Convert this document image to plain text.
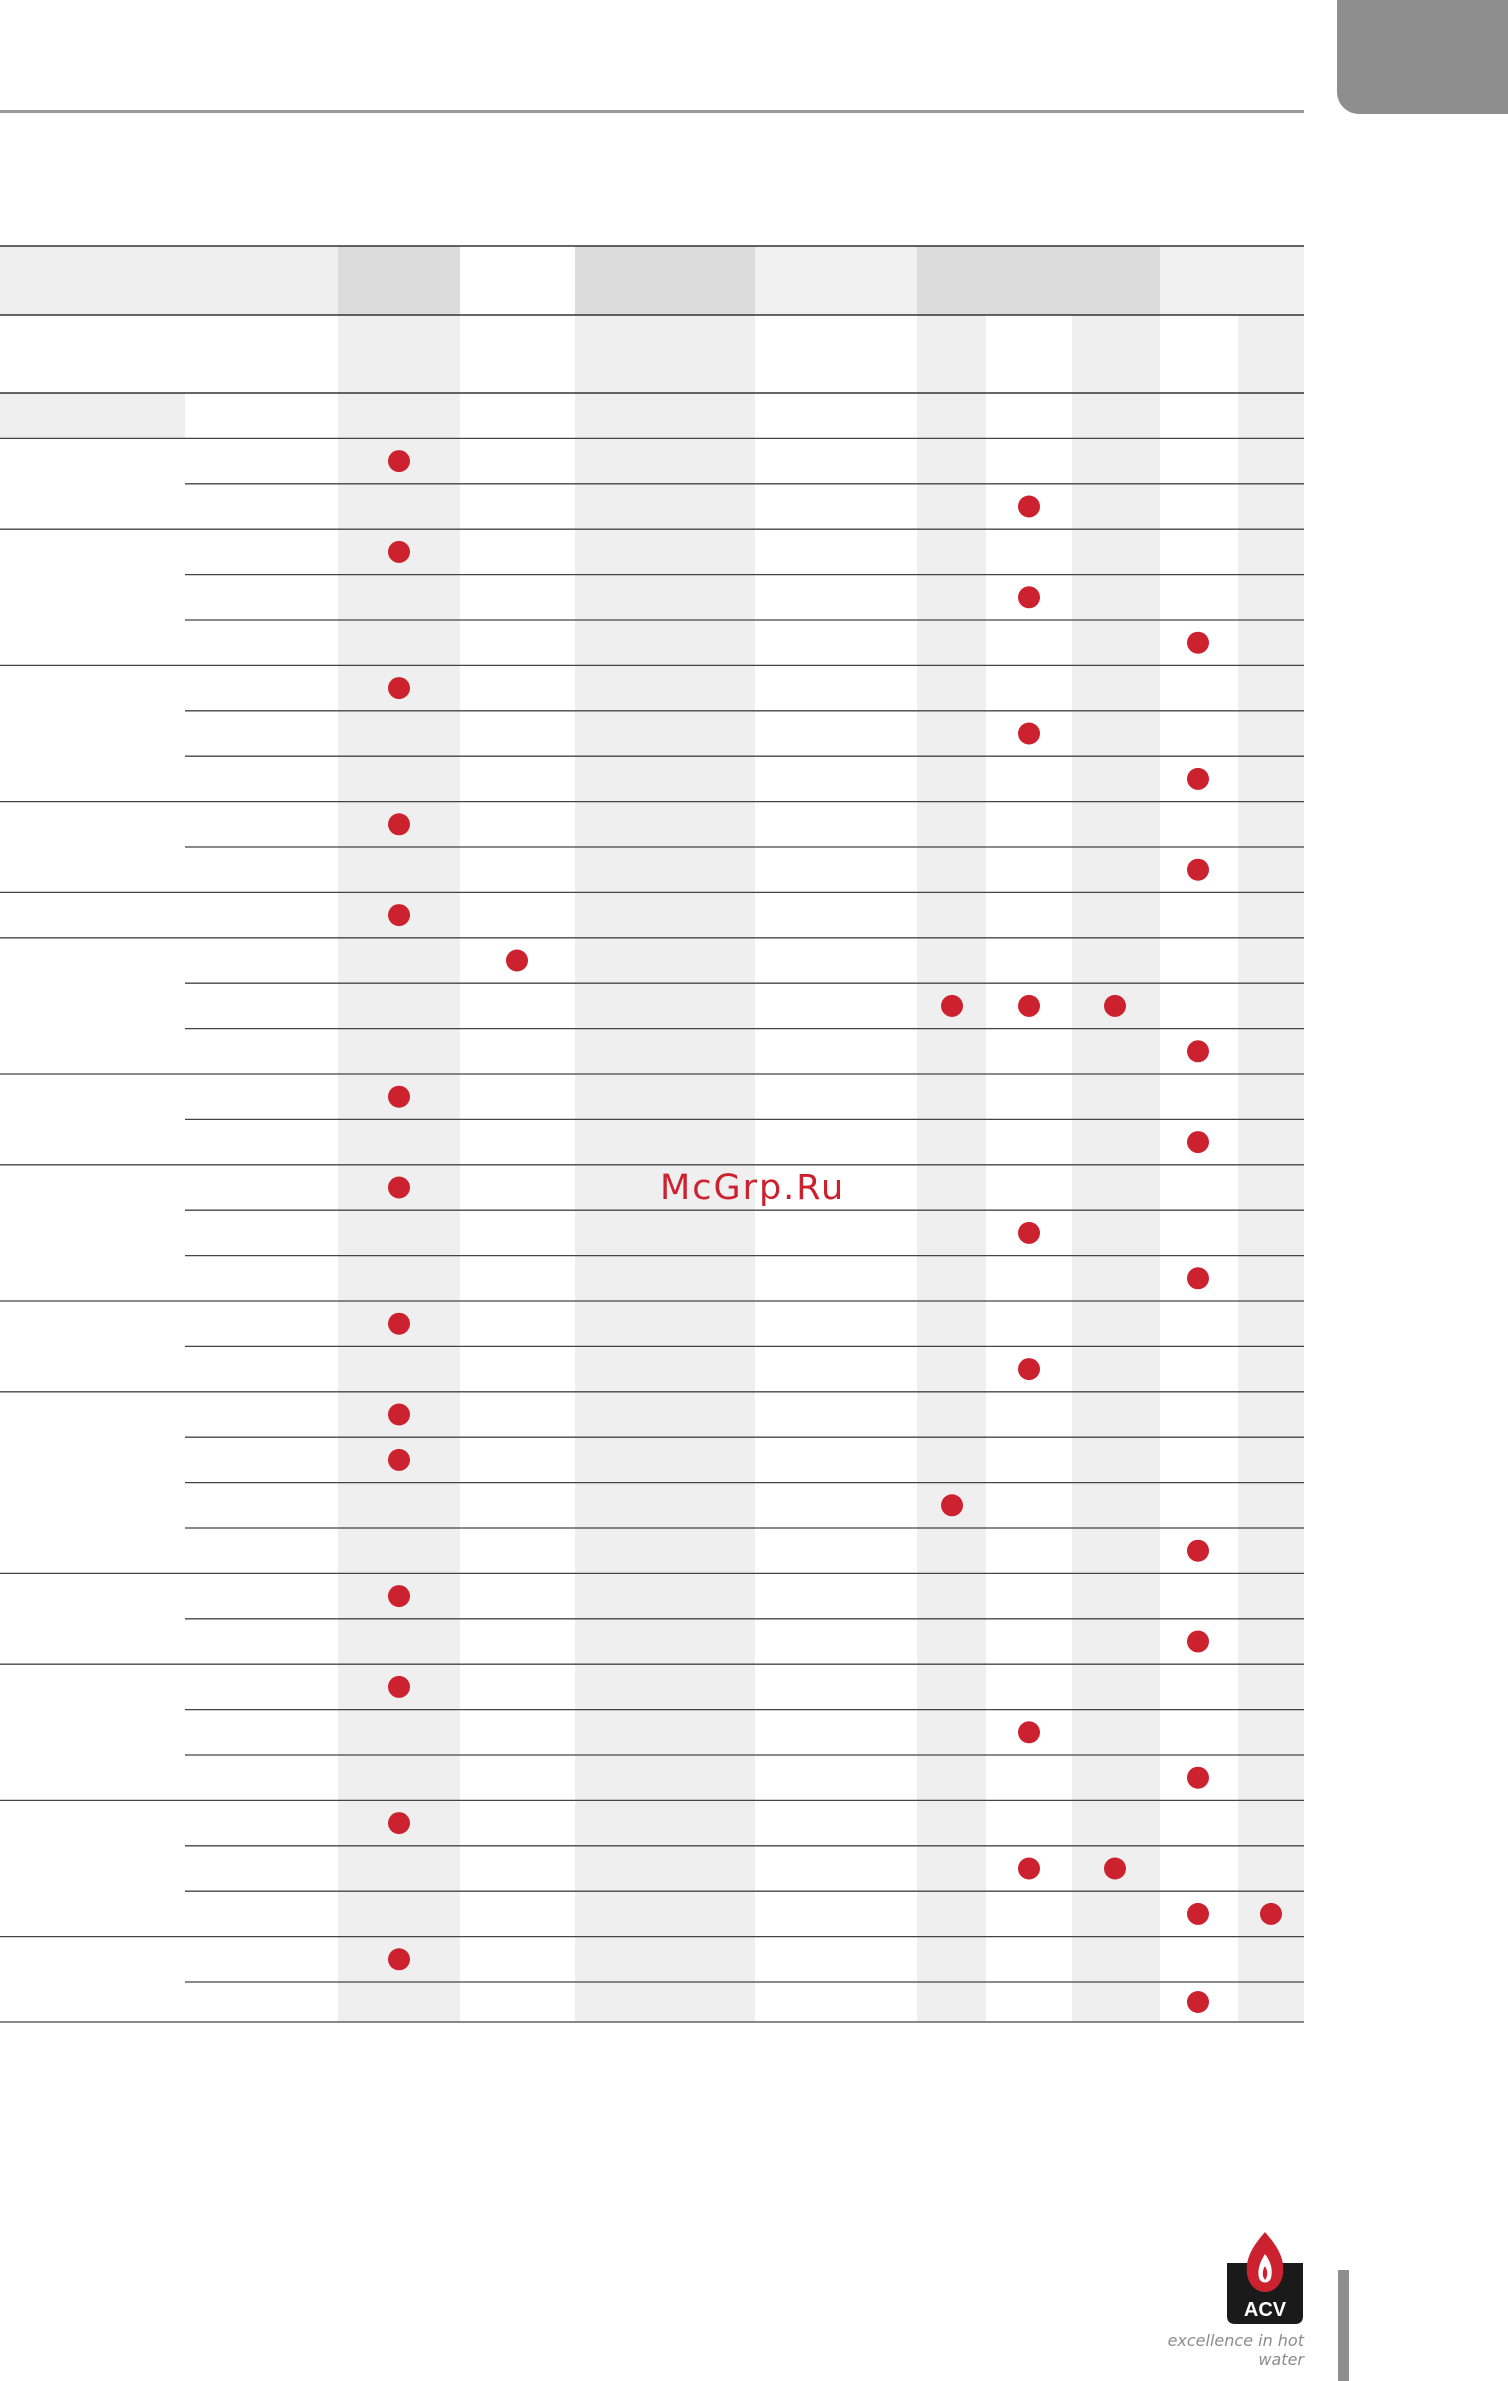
McGrp.Ru
ACV
excellence in hot water
